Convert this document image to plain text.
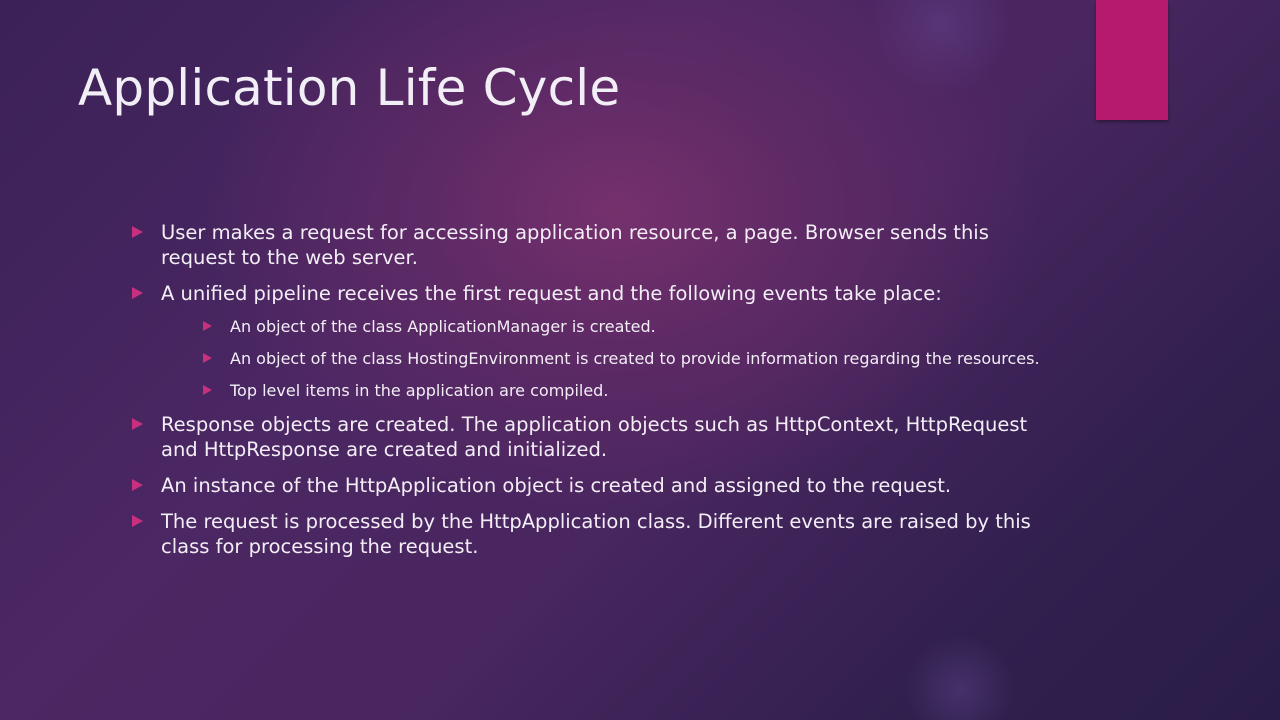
Application Life Cycle
User makes a request for accessing application resource, a page. Browser sends this request to the web server.
A unified pipeline receives the first request and the following events take place:
An object of the class ApplicationManager is created.
An object of the class HostingEnvironment is created to provide information regarding the resources.
Top level items in the application are compiled.
Response objects are created. The application objects such as HttpContext, HttpRequest and HttpResponse are created and initialized.
An instance of the HttpApplication object is created and assigned to the request.
The request is processed by the HttpApplication class. Different events are raised by this class for processing the request.
